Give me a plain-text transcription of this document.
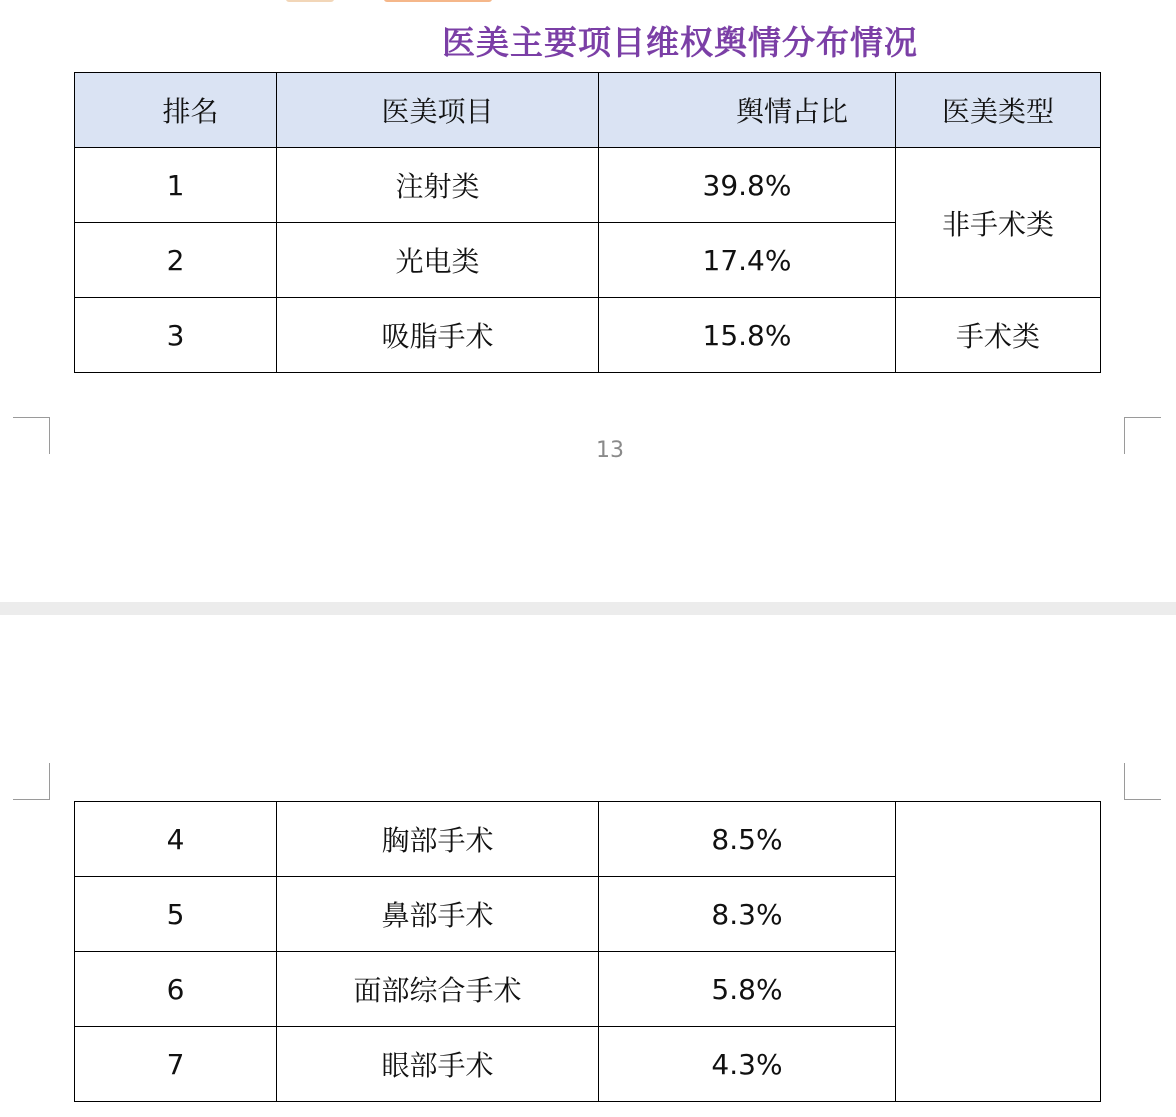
医美主要项目维权舆情分布情况
排名	医美项目	舆情占比	医美类型
1	注射类	39.8%	非手术类
2	光电类	17.4%	
3	吸脂手术	15.8%	手术类
13
4	胸部手术	8.5%	
5	鼻部手术	8.3%	
6	面部综合手术	5.8%	
7	眼部手术	4.3%	
